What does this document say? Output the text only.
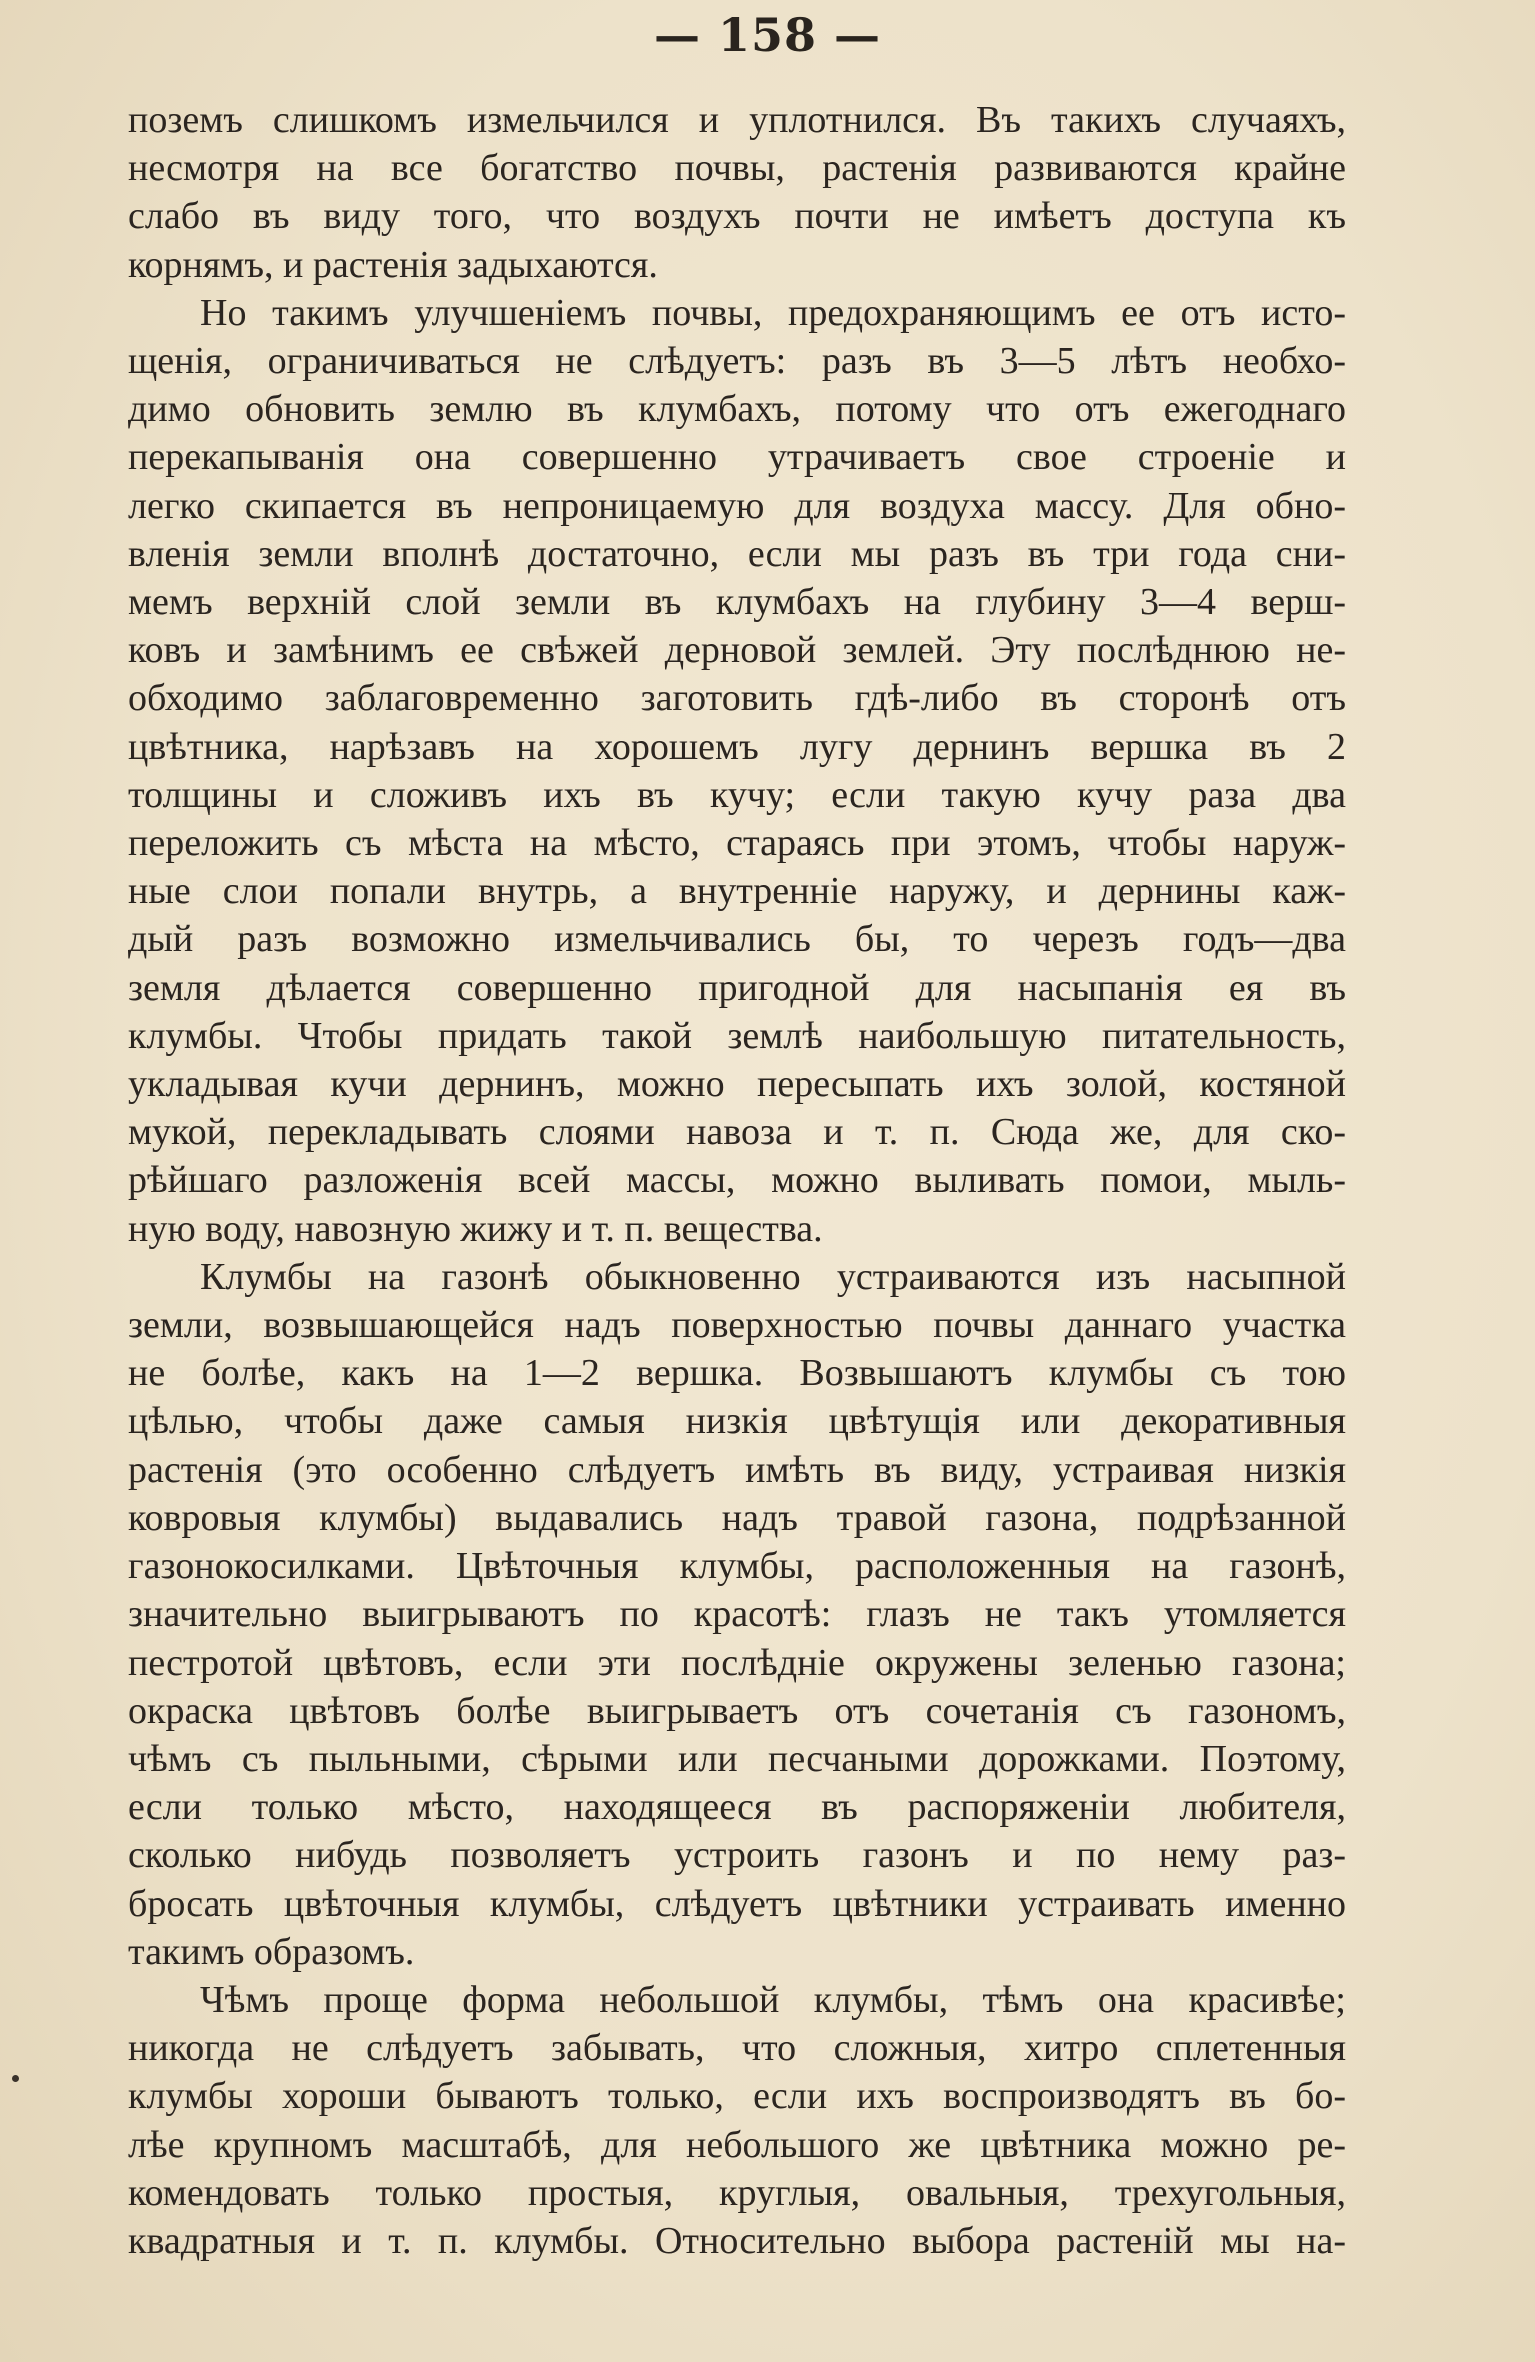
— 158 —
поземъ слишкомъ измельчился и уплотнился. Въ такихъ случаяхъ,
несмотря на все богатство почвы, растенія развиваются крайне
слабо въ виду того, что воздухъ почти не имѣетъ доступа къ
корнямъ, и растенія задыхаются.
Но такимъ улучшеніемъ почвы, предохраняющимъ ее отъ исто-
щенія, ограничиваться не слѣдуетъ: разъ въ 3—5 лѣтъ необхо-
димо обновить землю въ клумбахъ, потому что отъ ежегоднаго
перекапыванія она совершенно утрачиваетъ свое строеніе и
легко скипается въ непроницаемую для воздуха массу. Для обно-
вленія земли вполнѣ достаточно, если мы разъ въ три года сни-
мемъ верхній слой земли въ клумбахъ на глубину 3—4 верш-
ковъ и замѣнимъ ее свѣжей дерновой землей. Эту послѣднюю не-
обходимо заблаговременно заготовить гдѣ-либо въ сторонѣ отъ
цвѣтника, нарѣзавъ на хорошемъ лугу дернинъ вершка въ 2
толщины и сложивъ ихъ въ кучу; если такую кучу раза два
переложить съ мѣста на мѣсто, стараясь при этомъ, чтобы наруж-
ные слои попали внутрь, а внутренніе наружу, и дернины каж-
дый разъ возможно измельчивались бы, то черезъ годъ—два
земля дѣлается совершенно пригодной для насыпанія ея въ
клумбы. Чтобы придать такой землѣ наибольшую питательность,
укладывая кучи дернинъ, можно пересыпать ихъ золой, костяной
мукой, перекладывать слоями навоза и т. п. Сюда же, для ско-
рѣйшаго разложенія всей массы, можно выливать помои, мыль-
ную воду, навозную жижу и т. п. вещества.
Клумбы на газонѣ обыкновенно устраиваются изъ насыпной
земли, возвышающейся надъ поверхностью почвы даннаго участка
не болѣе, какъ на 1—2 вершка. Возвышаютъ клумбы съ тою
цѣлью, чтобы даже самыя низкія цвѣтущія или декоративныя
растенія (это особенно слѣдуетъ имѣть въ виду, устраивая низкія
ковровыя клумбы) выдавались надъ травой газона, подрѣзанной
газонокосилками. Цвѣточныя клумбы, расположенныя на газонѣ,
значительно выигрываютъ по красотѣ: глазъ не такъ утомляется
пестротой цвѣтовъ, если эти послѣдніе окружены зеленью газона;
окраска цвѣтовъ болѣе выигрываетъ отъ сочетанія съ газономъ,
чѣмъ съ пыльными, сѣрыми или песчаными дорожками. Поэтому,
если только мѣсто, находящееся въ распоряженіи любителя,
сколько нибудь позволяетъ устроить газонъ и по нему раз-
бросать цвѣточныя клумбы, слѣдуетъ цвѣтники устраивать именно
такимъ образомъ.
Чѣмъ проще форма небольшой клумбы, тѣмъ она красивѣе;
никогда не слѣдуетъ забывать, что сложныя, хитро сплетенныя
клумбы хороши бываютъ только, если ихъ воспроизводятъ въ бо-
лѣе крупномъ масштабѣ, для небольшого же цвѣтника можно ре-
комендовать только простыя, круглыя, овальныя, трехугольныя,
квадратныя и т. п. клумбы. Относительно выбора растеній мы на-
